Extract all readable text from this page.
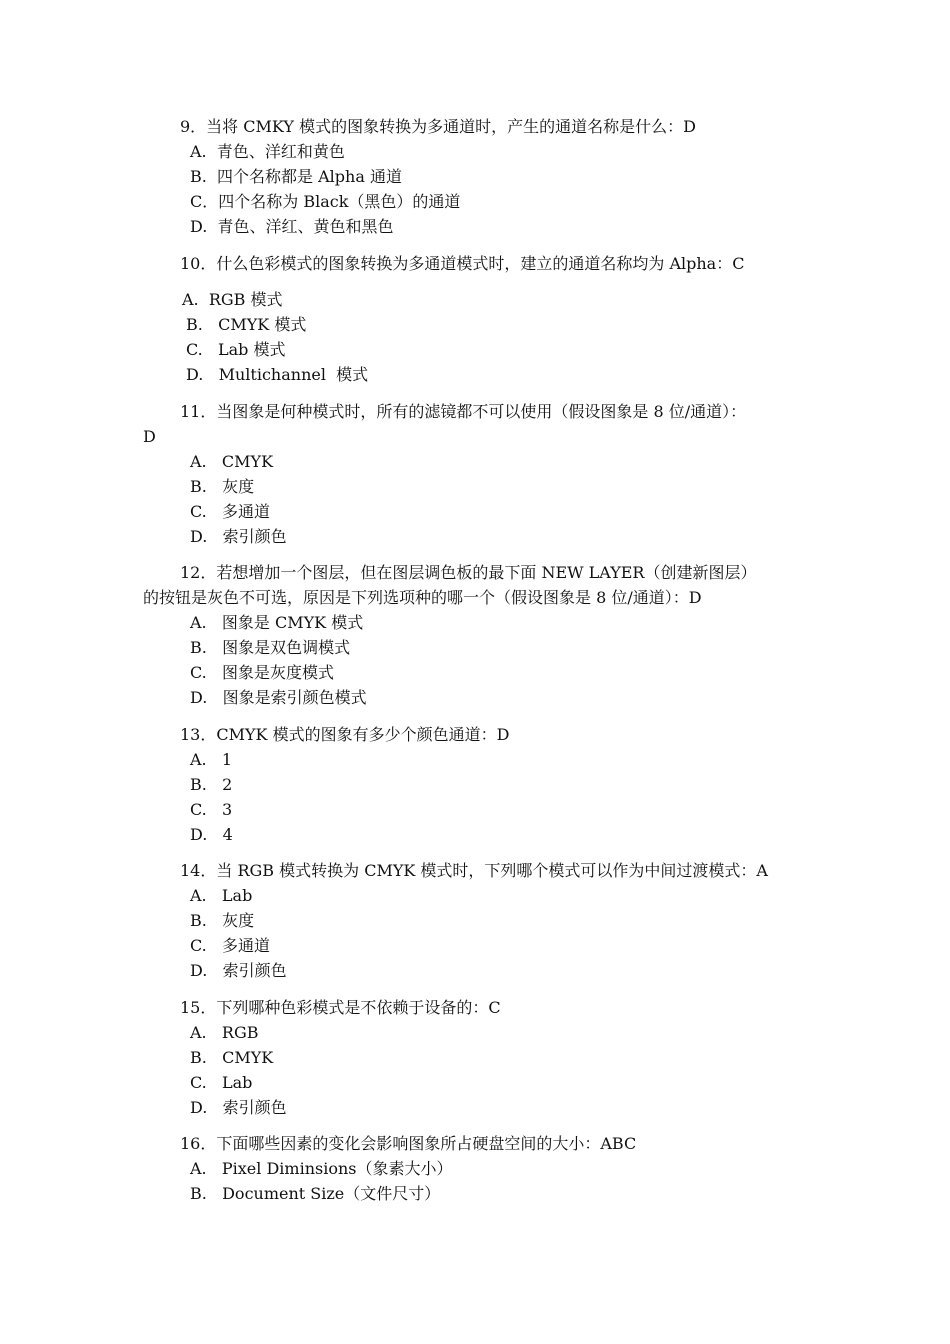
9．当将 CMKY 模式的图象转换为多通道时，产生的通道名称是什么：D
A.  青色、洋红和黄色
B.  四个名称都是 Alpha 通道
C．四个名称为 Black（黑色）的通道
D.  青色、洋红、黄色和黑色
10．什么色彩模式的图象转换为多通道模式时，建立的通道名称均为 Alpha：C
A.  RGB 模式
B.   CMYK 模式
C.   Lab 模式
D.   Multichannel  模式
11．当图象是何种模式时，所有的滤镜都不可以使用（假设图象是 8 位/通道）：
D
A.   CMYK
B.   灰度
C.   多通道
D.   索引颜色
12．若想增加一个图层，但在图层调色板的最下面 NEW LAYER（创建新图层）
的按钮是灰色不可选，原因是下列选项种的哪一个（假设图象是 8 位/通道）：D
A.   图象是 CMYK 模式
B.   图象是双色调模式
C.   图象是灰度模式
D.   图象是索引颜色模式
13．CMYK 模式的图象有多少个颜色通道：D
A.   1
B.   2
C.   3
D.   4
14．当 RGB 模式转换为 CMYK 模式时，下列哪个模式可以作为中间过渡模式：A
A.   Lab
B.   灰度
C.   多通道
D.   索引颜色
15．下列哪种色彩模式是不依赖于设备的：C
A.   RGB
B.   CMYK
C.   Lab
D.   索引颜色
16．下面哪些因素的变化会影响图象所占硬盘空间的大小：ABC
A.   Pixel Diminsions（象素大小）
B.   Document Size（文件尺寸）
